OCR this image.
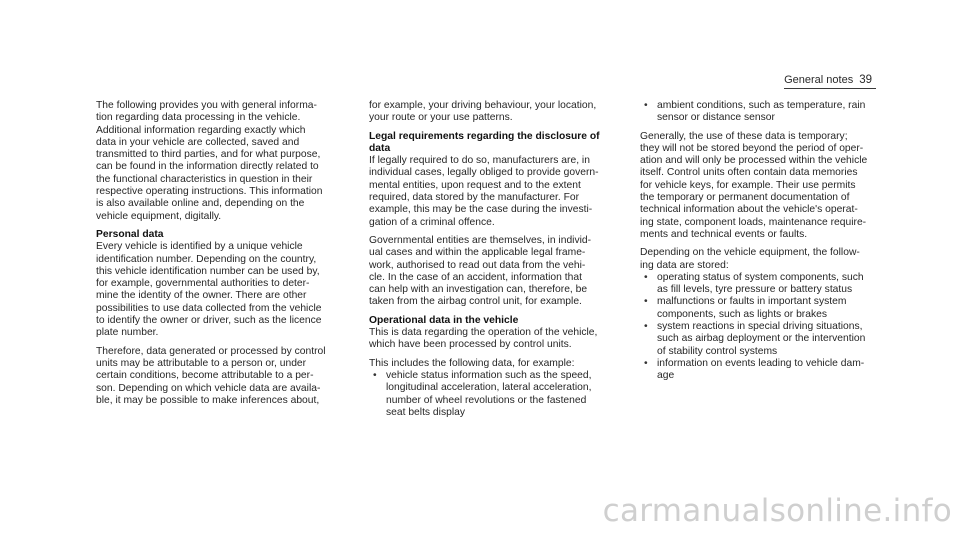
General notes 39
The following provides you with general informa-
tion regarding data processing in the vehicle.
Additional information regarding exactly which
data in your vehicle are collected, saved and
transmitted to third parties, and for what purpose,
can be found in the information directly related to
the functional characteristics in question in their
respective operating instructions. This information
is also available online and, depending on the
vehicle equipment, digitally.
Personal data
Every vehicle is identified by a unique vehicle
identification number. Depending on the country,
this vehicle identification number can be used by,
for example, governmental authorities to deter-
mine the identity of the owner. There are other
possibilities to use data collected from the vehicle
to identify the owner or driver, such as the licence
plate number.
Therefore, data generated or processed by control
units may be attributable to a person or, under
certain conditions, become attributable to a per-
son. Depending on which vehicle data are availa-
ble, it may be possible to make inferences about,
for example, your driving behaviour, your location,
your route or your use patterns.
Legal requirements regarding the disclosure of
data
If legally required to do so, manufacturers are, in
individual cases, legally obliged to provide govern-
mental entities, upon request and to the extent
required, data stored by the manufacturer. For
example, this may be the case during the investi-
gation of a criminal offence.
Governmental entities are themselves, in individ-
ual cases and within the applicable legal frame-
work, authorised to read out data from the vehi-
cle. In the case of an accident, information that
can help with an investigation can, therefore, be
taken from the airbag control unit, for example.
Operational data in the vehicle
This is data regarding the operation of the vehicle,
which have been processed by control units.
This includes the following data, for example:
• vehicle status information such as the speed,
longitudinal acceleration, lateral acceleration,
number of wheel revolutions or the fastened
seat belts display
• ambient conditions, such as temperature, rain
sensor or distance sensor
Generally, the use of these data is temporary;
they will not be stored beyond the period of oper-
ation and will only be processed within the vehicle
itself. Control units often contain data memories
for vehicle keys, for example. Their use permits
the temporary or permanent documentation of
technical information about the vehicle's operat-
ing state, component loads, maintenance require-
ments and technical events or faults.
Depending on the vehicle equipment, the follow-
ing data are stored:
• operating status of system components, such
as fill levels, tyre pressure or battery status
• malfunctions or faults in important system
components, such as lights or brakes
• system reactions in special driving situations,
such as airbag deployment or the intervention
of stability control systems
• information on events leading to vehicle dam-
age
carmanualsonline.info
